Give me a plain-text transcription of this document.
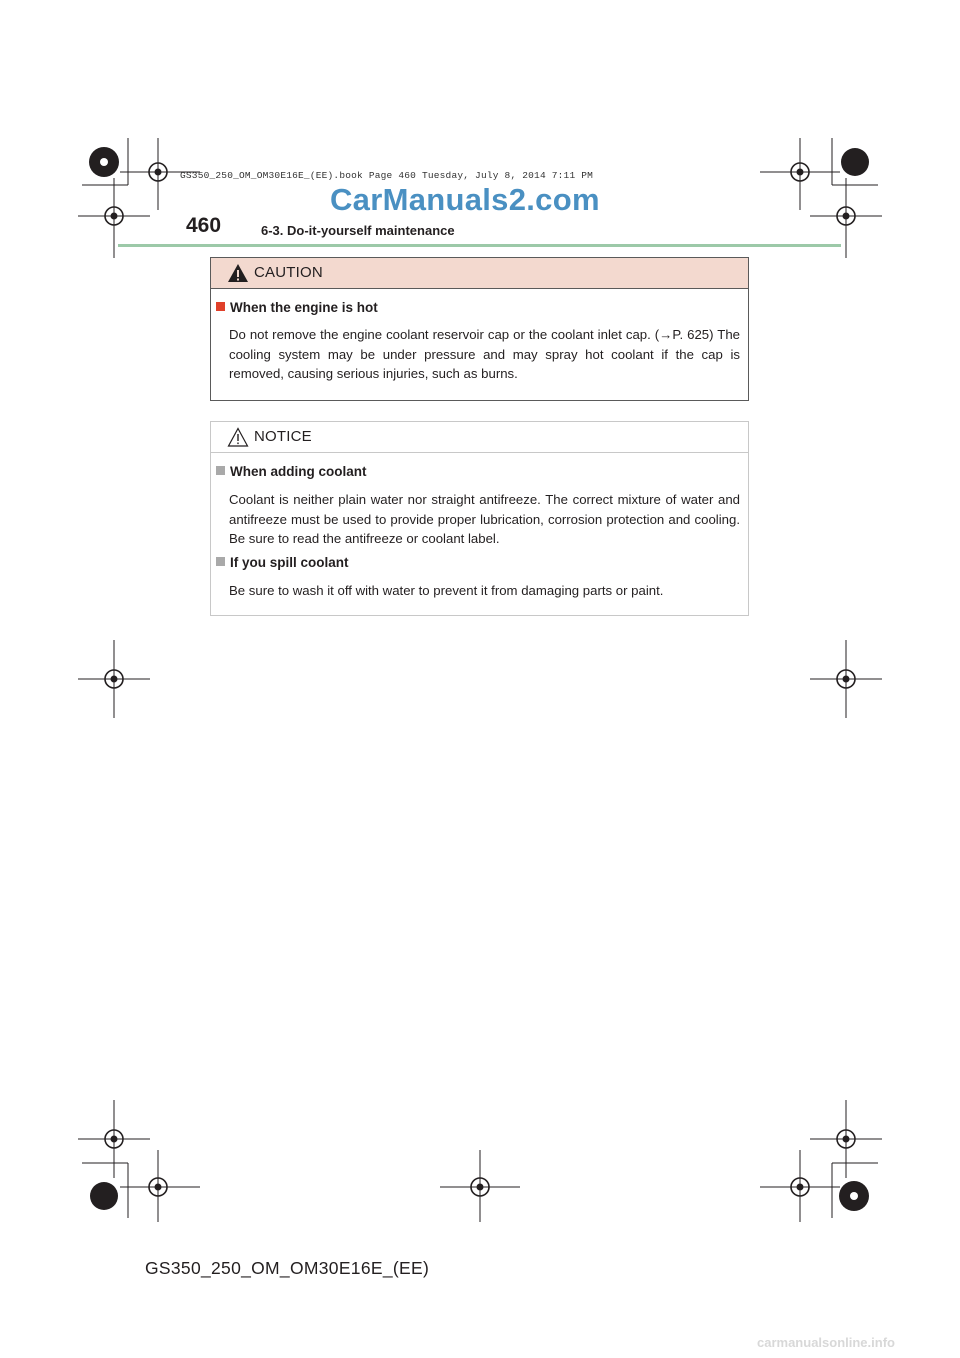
GS350_250_OM_OM30E16E_(EE).book Page 460 Tuesday, July 8, 2014 7:11 PM
CarManuals2.com
460	6-3. Do-it-yourself maintenance
CAUTION
When the engine is hot
Do not remove the engine coolant reservoir cap or the coolant inlet cap. (→P. 625) The cooling system may be under pressure and may spray hot coolant if the cap is removed, causing serious injuries, such as burns.
NOTICE
When adding coolant
Coolant is neither plain water nor straight antifreeze. The correct mixture of water and antifreeze must be used to provide proper lubrication, corrosion protection and cooling. Be sure to read the antifreeze or coolant label.
If you spill coolant
Be sure to wash it off with water to prevent it from damaging parts or paint.
GS350_250_OM_OM30E16E_(EE)
carmanualsonline.info
